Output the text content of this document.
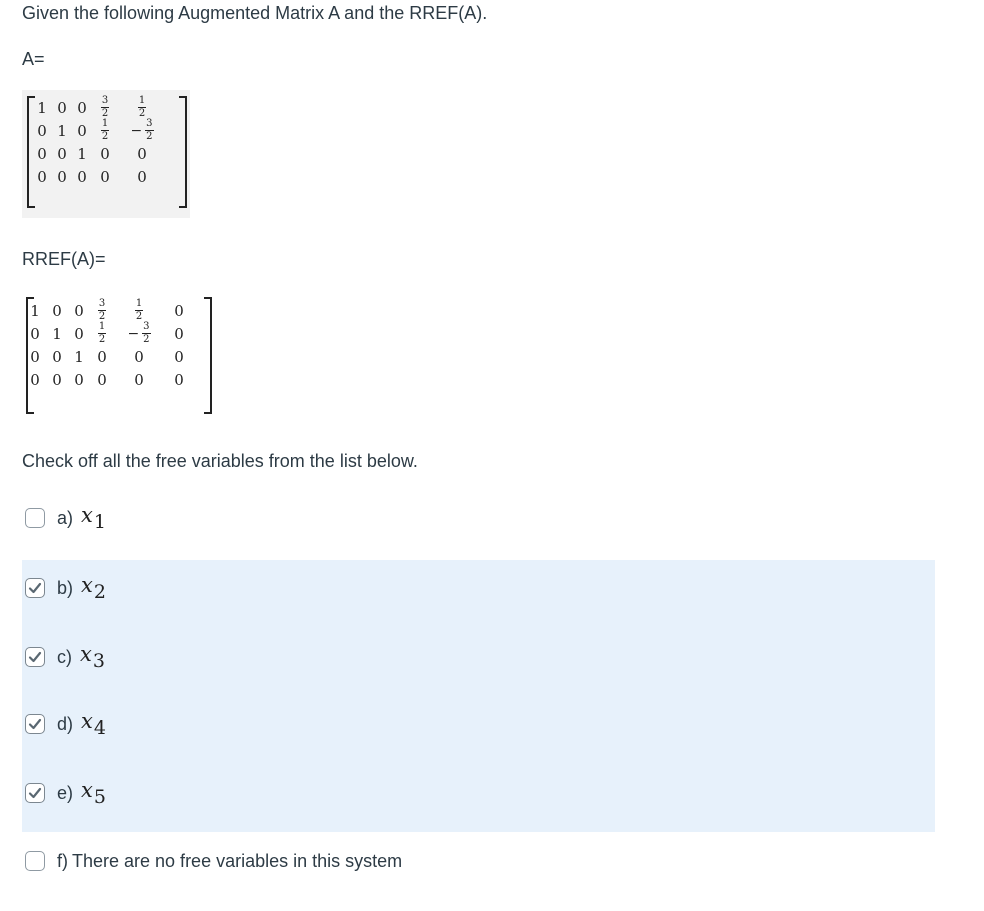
Given the following Augmented Matrix A and the RREF(A).
A=
1 0 $0 \frac{3}{2}$	$\frac{1}{2}$
0 1 $0 \frac{1}{2} - \frac{3}{2}$
0 0 1 0 0
0 0 0 0 0
RREF(A)=
1 0 $0 \frac{3}{2}$	$\frac{1}{2} 0$
0 1 $0 \frac{1}{2} - \frac{3}{2} 0$
0 0 1 0 0 0
0 0 0 0 0 0
Check off all the free variables from the list below.
a) $x_1$
b) $x_2$
c) $x_3$
d) $x_4$
e) $x_5$
f) There are no free variables in this system
